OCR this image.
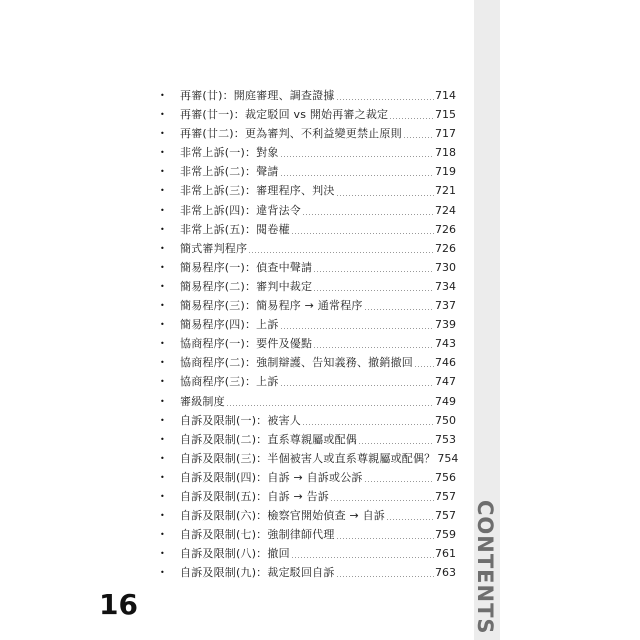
•	再審(廿)：開庭審理、調查證據	714
•	再審(廿一)：裁定駁回 vs 開始再審之裁定	715
•	再審(廿二)：更為審判、不利益變更禁止原則	717
•	非常上訴(一)：對象	718
•	非常上訴(二)：聲請	719
•	非常上訴(三)：審理程序、判決	721
•	非常上訴(四)：違背法令	724
•	非常上訴(五)：閱卷權	726
•	簡式審判程序	726
•	簡易程序(一)：偵查中聲請	730
•	簡易程序(二)：審判中裁定	734
•	簡易程序(三)：簡易程序 → 通常程序	737
•	簡易程序(四)：上訴	739
•	協商程序(一)：要件及優點	743
•	協商程序(二)：強制辯護、告知義務、撤銷撤回 746
•	協商程序(三)：上訴	747
•	審級制度	749
•	自訴及限制(一)：被害人	750
•	自訴及限制(二)：直系尊親屬或配偶	753
•	自訴及限制(三)：半個被害人或直系尊親屬或配偶？ 754
•	自訴及限制(四)：自訴 → 自訴或公訴	756
•	自訴及限制(五)：自訴 → 告訴	757
•	自訴及限制(六)：檢察官開始偵查 → 自訴	757
•	自訴及限制(七)：強制律師代理	759
•	自訴及限制(八)：撤回	761
•	自訴及限制(九)：裁定駁回自訴	763 CONTENTS
16
